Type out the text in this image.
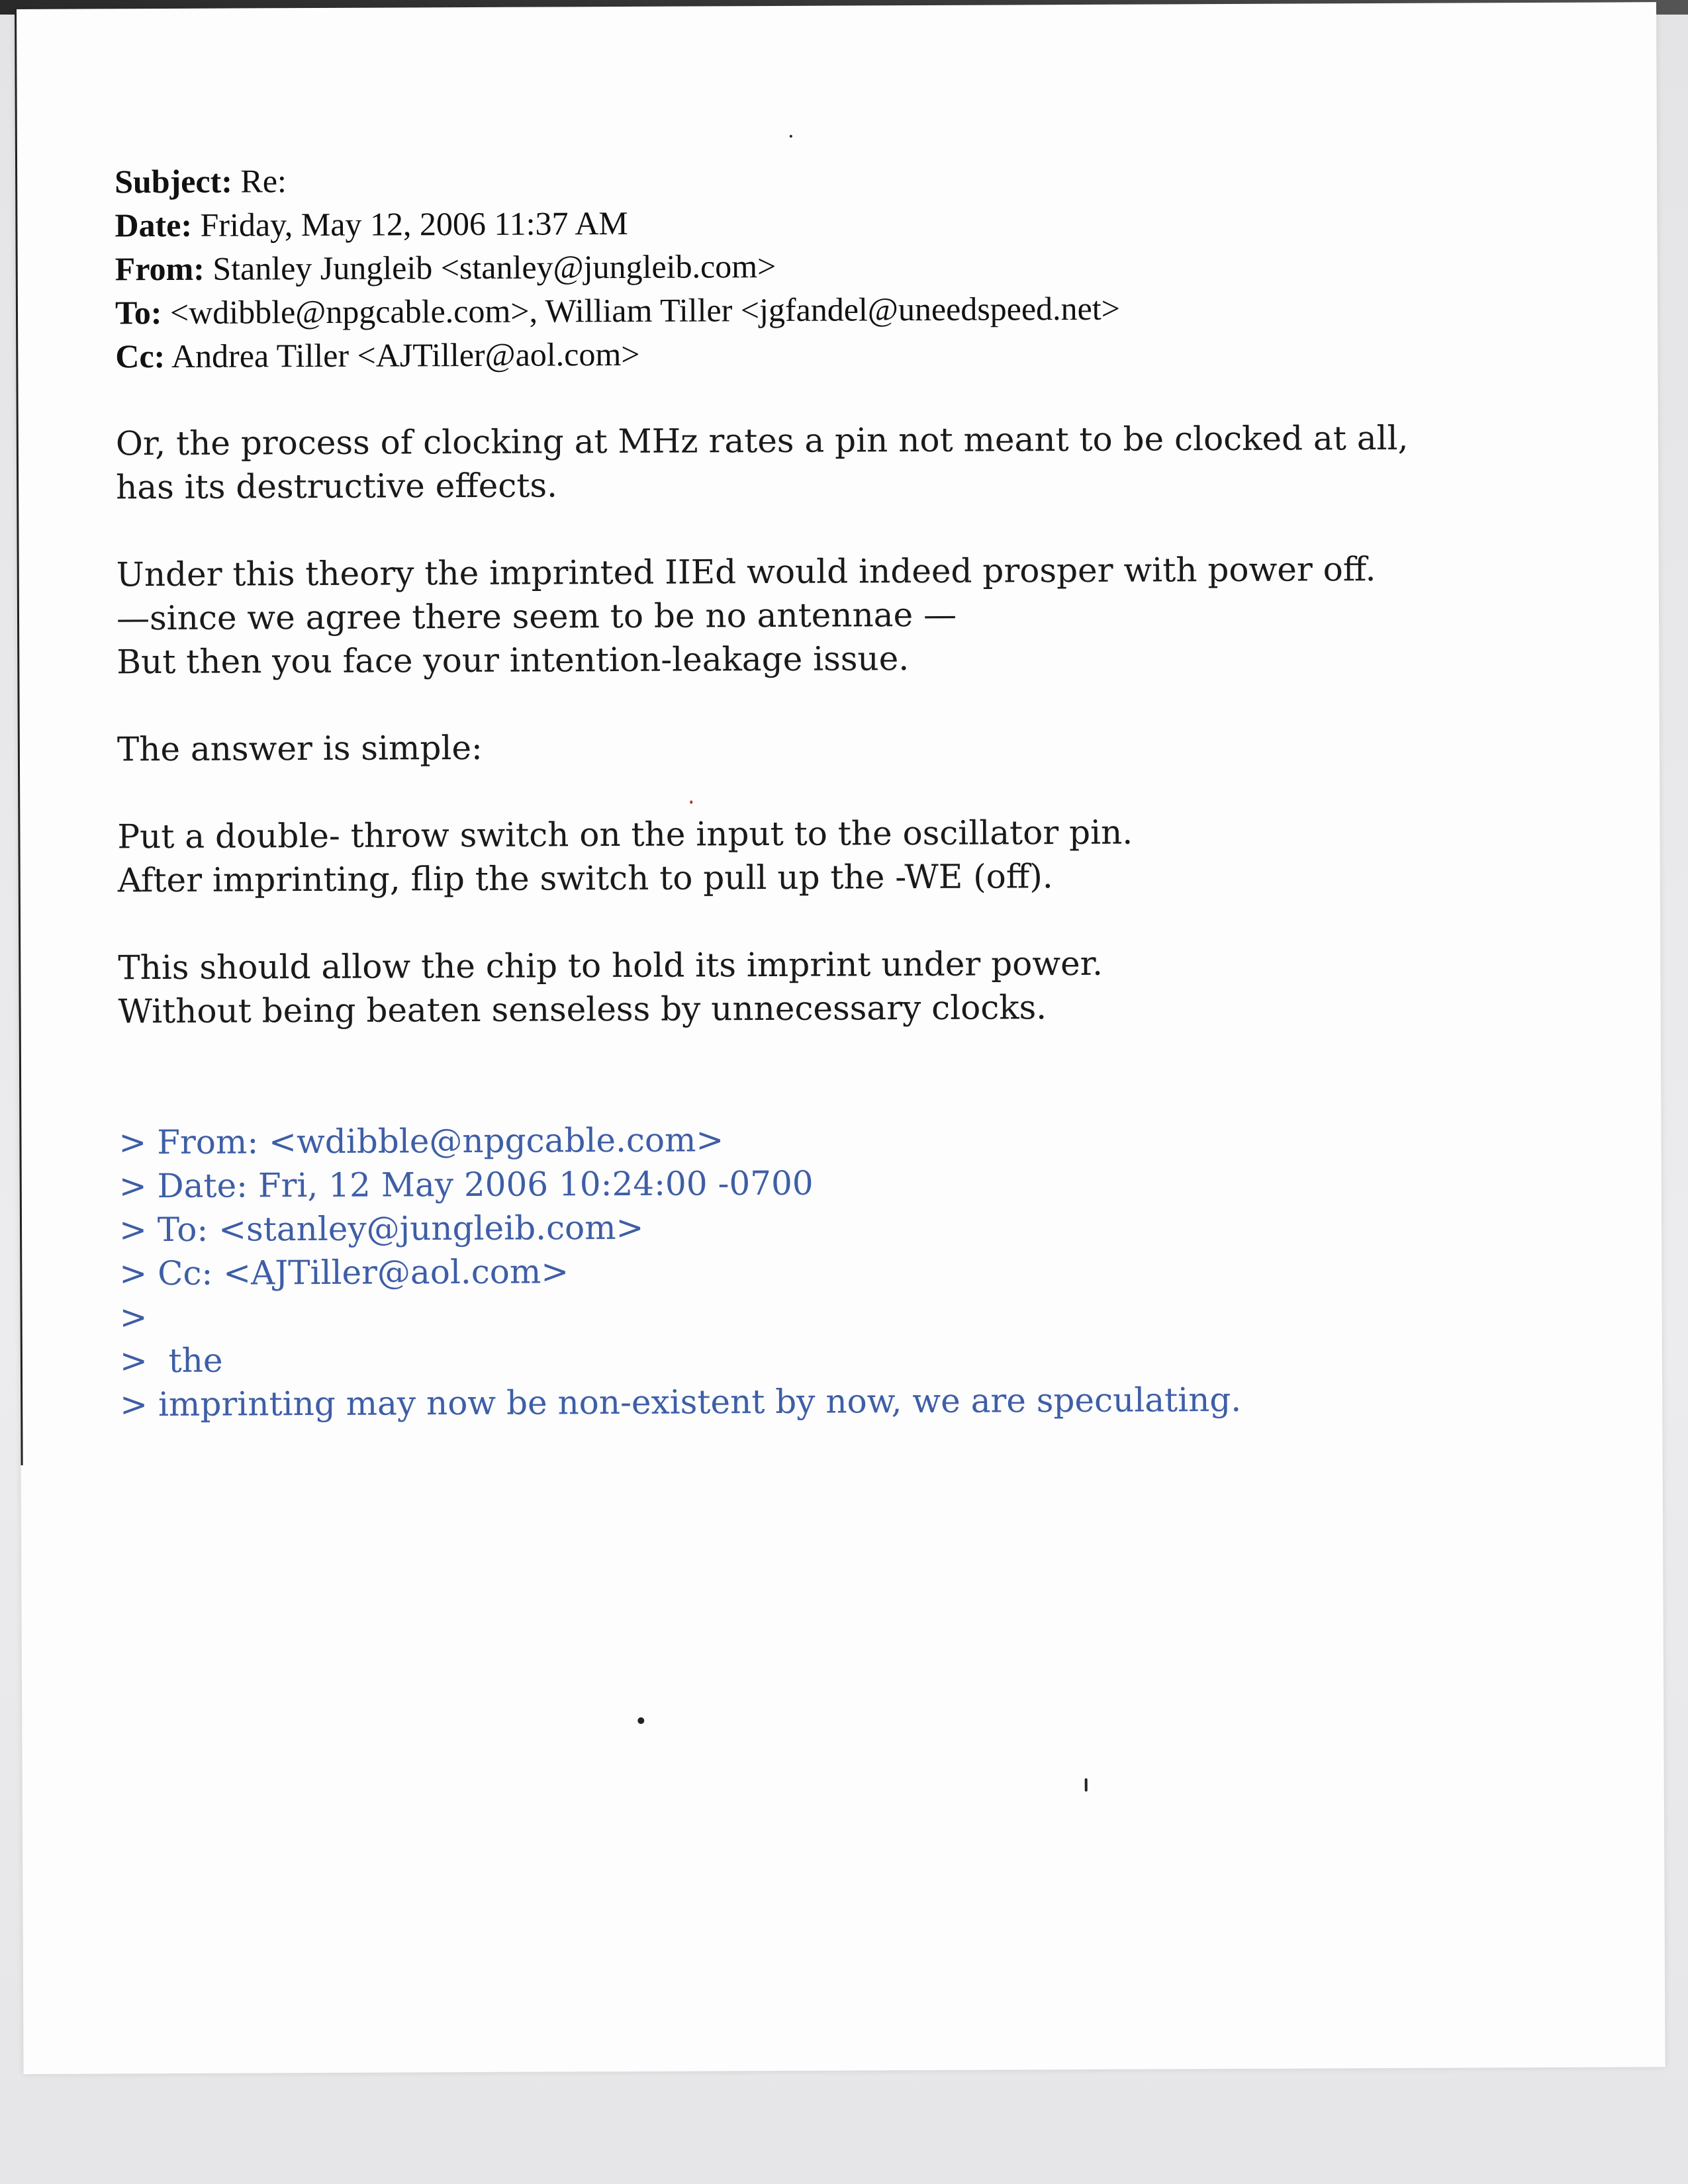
Subject: Re:
Date: Friday, May 12, 2006 11:37 AM
From: Stanley Jungleib <stanley@jungleib.com>
To: <wdibble@npgcable.com>, William Tiller <jgfandel@uneedspeed.net>
Cc: Andrea Tiller <AJTiller@aol.com>

Or, the process of clocking at MHz rates a pin not meant to be clocked at all,
has its destructive effects.

Under this theory the imprinted IIEd would indeed prosper with power off.
—since we agree there seem to be no antennae —
But then you face your intention-leakage issue.

The answer is simple:

Put a double- throw switch on the input to the oscillator pin.
After imprinting, flip the switch to pull up the -WE (off).

This should allow the chip to hold its imprint under power.
Without being beaten senseless by unnecessary clocks.

> From: <wdibble@npgcable.com>
> Date: Fri, 12 May 2006 10:24:00 -0700
> To: <stanley@jungleib.com>
> Cc: <AJTiller@aol.com>
>
>  the
> imprinting may now be non-existent by now, we are speculating.
